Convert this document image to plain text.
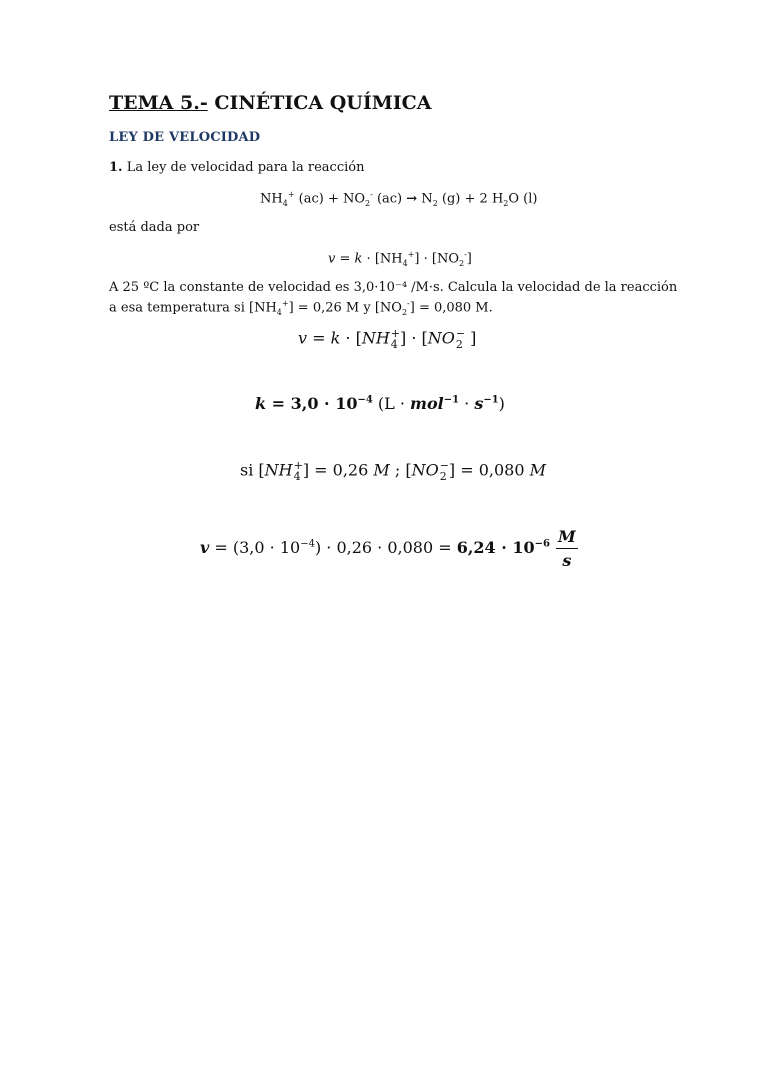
TEMA 5.- CINÉTICA QUÍMICA
LEY DE VELOCIDAD
1. La ley de velocidad para la reacción
$NH_4^+$ $(ac) + NO_2^-$ $(ac) \to N_2$ (g) + 2 $H_2O$ (l)
está dada por
$v = k \cdot [NH_4^+] \cdot [NO_2^-]$
A 25 ºC la constante de velocidad es 3,0·10⁻⁴ /M·s. Calcula la velocidad de la reacción
a esa temperatura si $[NH_4^+] = 0,26$ M y $[NO_2^-] = 0,080$ M.
v = k · [NH +
4 ] · [NO −
2 ]
$k = 3,0 \cdot 10^{-4}$ $(L \cdot mol^{-1} \cdot s^{-1})$
si [NH +
4 ] = 0,26 M ; [NO −
2 ] = 0,080 M
$v = (3,0 \cdot 10^{-4}) \cdot 0,26 \cdot 0,080 = 6,24 \cdot 10^{-6} \frac{M}{s}$
